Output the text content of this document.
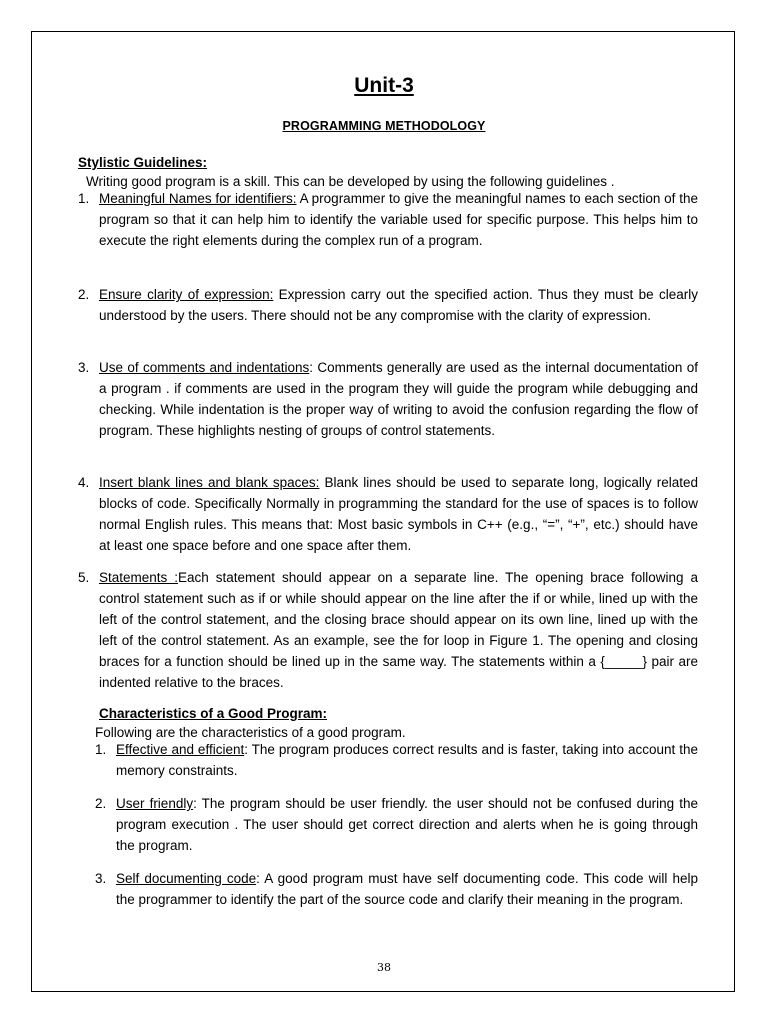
Unit-3
PROGRAMMING METHODOLOGY
Stylistic Guidelines:
Writing good program is a skill. This can be developed by using the following guidelines .
1. Meaningful Names for identifiers: A programmer to give the meaningful names to each section of the program so that it can help him to identify the variable used for specific purpose. This helps him to execute the right elements during the complex run of a program.
2. Ensure clarity of expression: Expression carry out the specified action. Thus they must be clearly understood by the users. There should not be any compromise with the clarity of expression.
3. Use of comments and indentations: Comments generally are used as the internal documentation of a program . if comments are used in the program they will guide the program while debugging and checking. While indentation is the proper way of writing to avoid the confusion regarding the flow of program. These highlights nesting of groups of control statements.
4. Insert blank lines and blank spaces: Blank lines should be used to separate long, logically related blocks of code. Specifically Normally in programming the standard for the use of spaces is to follow normal English rules. This means that: Most basic symbols in C++ (e.g., “=”, “+”, etc.) should have at least one space before and one space after them.
5. Statements :Each statement should appear on a separate line. The opening brace following a control statement such as if or while should appear on the line after the if or while, lined up with the left of the control statement, and the closing brace should appear on its own line, lined up with the left of the control statement. As an example, see the for loop in Figure 1. The opening and closing braces for a function should be lined up in the same way. The statements within a {_____} pair are indented relative to the braces.
Characteristics of a Good Program:
Following are the characteristics of a good program.
1. Effective and efficient: The program produces correct results and is faster, taking into account the memory constraints.
2. User friendly: The program should be user friendly. the user should not be confused during the program execution . The user should get correct direction and alerts when he is going through the program.
3. Self documenting code: A good program must have self documenting code. This code will help the programmer to identify the part of the source code and clarify their meaning in the program.
38
